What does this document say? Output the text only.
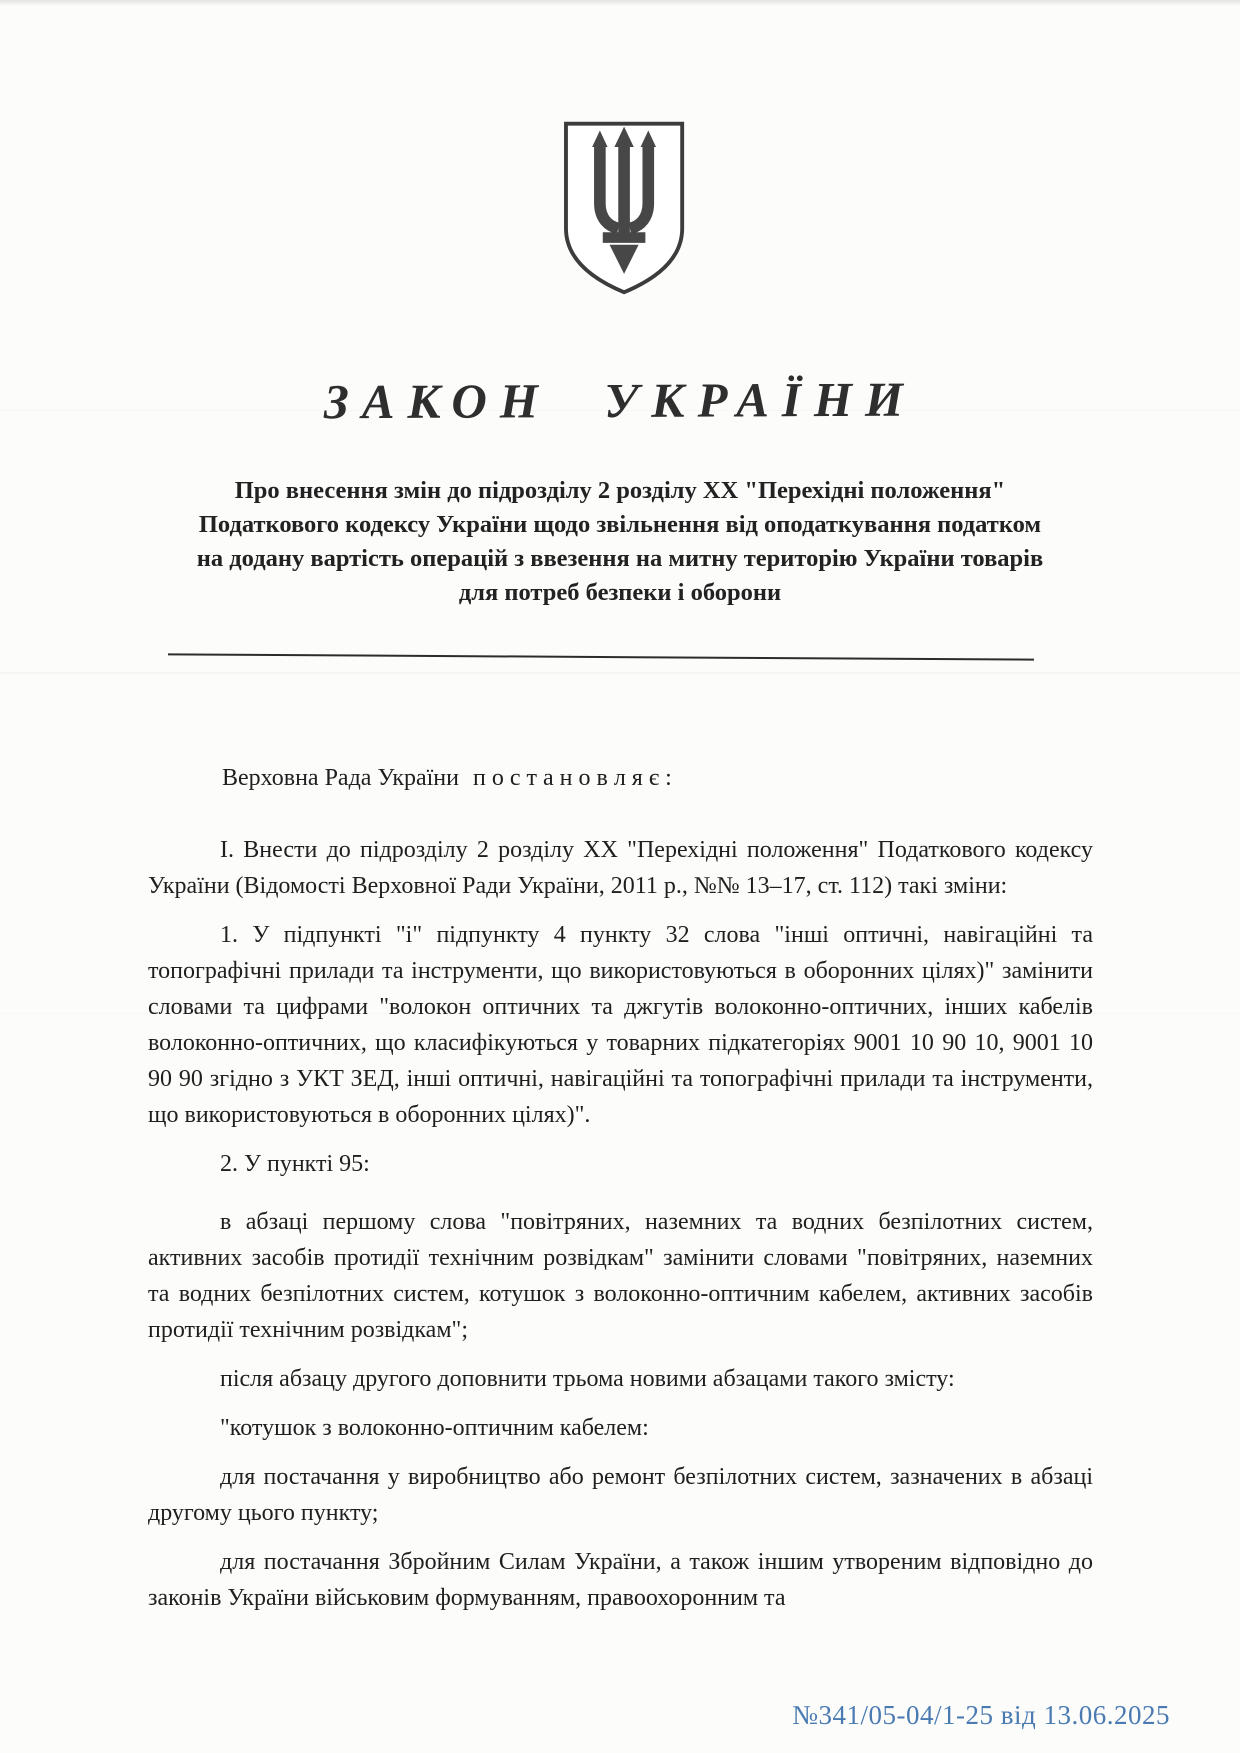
ЗАКОН УКРАЇНИ
Про внесення змін до підрозділу 2 розділу ХХ "Перехідні положення"
Податкового кодексу України щодо звільнення від оподаткування податком
на додану вартість операцій з ввезення на митну територію України товарів
для потреб безпеки і оборони

Верховна Рада України п о с т а н о в л я є :

І. Внести до підрозділу 2 розділу ХХ "Перехідні положення" Податкового кодексу України (Відомості Верховної Ради України, 2011 р., №№ 13–17, ст. 112) такі зміни:

1. У підпункті "і" підпункту 4 пункту 32 слова "інші оптичні, навігаційні та топографічні прилади та інструменти, що використовуються в оборонних цілях)" замінити словами та цифрами "волокон оптичних та джгутів волоконно-оптичних, інших кабелів волоконно-оптичних, що класифікуються у товарних підкатегоріях 9001 10 90 10, 9001 10 90 90 згідно з УКТ ЗЕД, інші оптичні, навігаційні та топографічні прилади та інструменти, що використовуються в оборонних цілях)".

2. У пункті 95:

в абзаці першому слова "повітряних, наземних та водних безпілотних систем, активних засобів протидії технічним розвідкам" замінити словами "повітряних, наземних та водних безпілотних систем, котушок з волоконно-оптичним кабелем, активних засобів протидії технічним розвідкам";

після абзацу другого доповнити трьома новими абзацами такого змісту:

"котушок з волоконно-оптичним кабелем:

для постачання у виробництво або ремонт безпілотних систем, зазначених в абзаці другому цього пункту;

для постачання Збройним Силам України, а також іншим утвореним відповідно до законів України військовим формуванням, правоохоронним та

№341/05-04/1-25 від 13.06.2025
